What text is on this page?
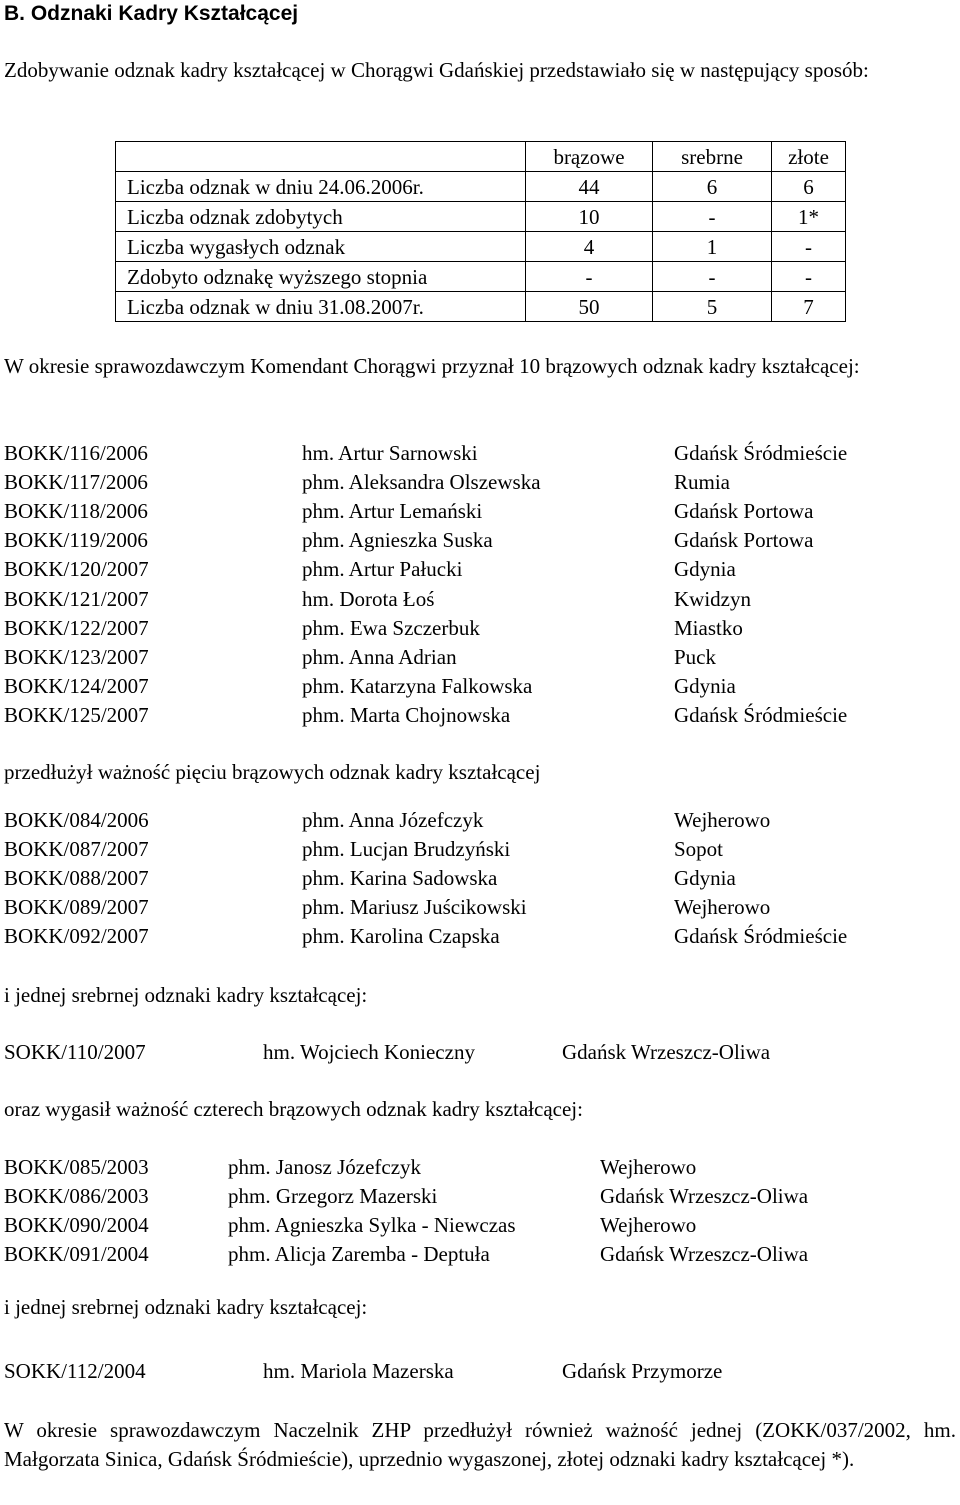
B. Odznaki Kadry Kształcącej
Zdobywanie odznak kadry kształcącej w Chorągwi Gdańskiej przedstawiało się w następujący sposób:
	brązowe	srebrne	złote
Liczba odznak w dniu 24.06.2006r.	44	6	6
Liczba odznak zdobytych	10	-	1*
Liczba wygasłych odznak	4	1	-
Zdobyto odznakę wyższego stopnia	-	-	-
Liczba odznak w dniu 31.08.2007r.	50	5	7
W okresie sprawozdawczym Komendant Chorągwi przyznał 10 brązowych odznak kadry kształcącej:
BOKK/116/2006	hm. Artur Sarnowski	Gdańsk Śródmieście
BOKK/117/2006	phm. Aleksandra Olszewska	Rumia
BOKK/118/2006	phm. Artur Lemański	Gdańsk Portowa
BOKK/119/2006	phm. Agnieszka Suska	Gdańsk Portowa
BOKK/120/2007	phm. Artur Pałucki	Gdynia
BOKK/121/2007	hm. Dorota Łoś	Kwidzyn
BOKK/122/2007	phm. Ewa Szczerbuk	Miastko
BOKK/123/2007	phm. Anna Adrian	Puck
BOKK/124/2007	phm. Katarzyna Falkowska	Gdynia
BOKK/125/2007	phm. Marta Chojnowska	Gdańsk Śródmieście
przedłużył ważność pięciu brązowych odznak kadry kształcącej
BOKK/084/2006	phm. Anna Józefczyk	Wejherowo
BOKK/087/2007	phm. Lucjan Brudzyński	Sopot
BOKK/088/2007	phm. Karina Sadowska	Gdynia
BOKK/089/2007	phm. Mariusz Juścikowski	Wejherowo
BOKK/092/2007	phm. Karolina Czapska	Gdańsk Śródmieście
i jednej srebrnej odznaki kadry kształcącej:
SOKK/110/2007	hm. Wojciech Konieczny	Gdańsk Wrzeszcz-Oliwa
oraz wygasił ważność czterech brązowych odznak kadry kształcącej:
BOKK/085/2003	phm. Janosz Józefczyk	Wejherowo
BOKK/086/2003	phm. Grzegorz Mazerski	Gdańsk Wrzeszcz-Oliwa
BOKK/090/2004	phm. Agnieszka Sylka - Niewczas	Wejherowo
BOKK/091/2004	phm. Alicja Zaremba - Deptuła	Gdańsk Wrzeszcz-Oliwa
i jednej srebrnej odznaki kadry kształcącej:
SOKK/112/2004	hm. Mariola Mazerska	Gdańsk Przymorze
W okresie sprawozdawczym Naczelnik ZHP przedłużył również ważność jednej (ZOKK/037/2002, hm. Małgorzata Sinica, Gdańsk Śródmieście), uprzednio wygaszonej, złotej odznaki kadry kształcącej *).
